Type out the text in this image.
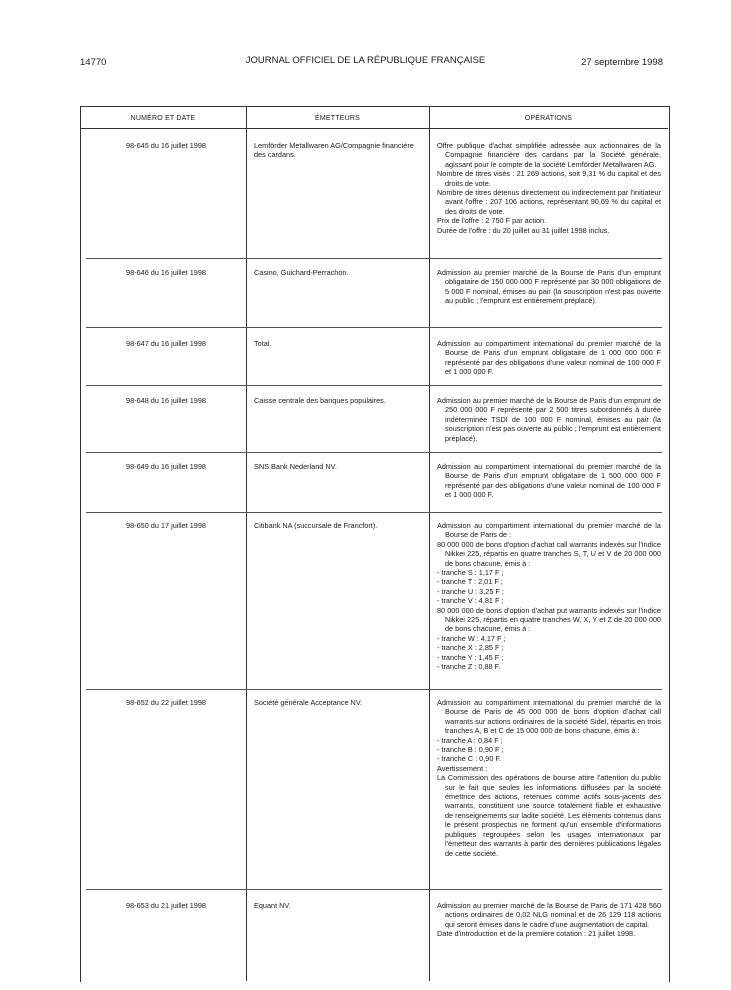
14770	JOURNAL OFFICIEL DE LA RÉPUBLIQUE FRANÇAISE	27 septembre 1998
NUMÉRO ET DATE	ÉMETTEURS	OPÉRATIONS
98-645 du 16 juillet 1998	Lemförder Metallwaren AG/Compagnie financière des cardans.

Offre publique d'achat simplifiée adressée aux actionnaires de la Compagnie financière des cardans par la Société générale, agissant pour le compte de la société Lemförder Metallwaren AG.

Nombre de titres visés : 21 269 actions, soit 9,31 % du capital et des droits de vote.

Nombre de titres détenus directement ou indirectement par l'initiateur avant l'offre : 207 106 actions, représentant 90,69 % du capital et des droits de vote.

Prix de l'offre : 2 750 F par action.

Durée de l'offre : du 20 juillet au 31 juillet 1998 inclus.

98-646 du 16 juillet 1998	Casino, Guichard-Perrachon.	Admission au premier marché de la Bourse de Paris d'un emprunt obligataire de 150 000 000 F représenté par 30 000 obligations de 5 000 F nominal, émises au pair (la souscription n'est pas ouverte au public ; l'emprunt est entièrement préplacé).

98-647 du 16 juillet 1998	Total.	Admission au compartiment international du premier marché de la Bourse de Paris d'un emprunt obligataire de 1 000 000 000 F représenté par des obligations d'une valeur nominal de 100 000 F et 1 000 000 F.

98-648 du 16 juillet 1998	Caisse centrale des banques populaires.	Admission au premier marché de la Bourse de Paris d'un emprunt de 250 000 000 F représenté par 2 500 titres subordonnés à durée indéterminée TSDI de 100 000 F nominal, émises au pair (la souscription n'est pas ouverte au public ; l'emprunt est entièrement préplacé).

98-649 du 16 juillet 1998	SNS Bank Nederland NV.	Admission au compartiment international du premier marché de la Bourse de Paris d'un emprunt obligataire de 1 500 000 000 F représenté par des obligations d'une valeur nominal de 100 000 F et 1 000 000 F.

98-650 du 17 juillet 1998	Citibank NA (succursale de Francfort).	Admission au compartiment international du premier marché de la Bourse de Paris de :

80 000 000 de bons d'option d'achat call warrants indexés sur l'indice Nikkei 225, répartis en quatre tranches S, T, U et V de 20 000 000 de bons chacune, émis à :

- tranche S : 1,17 F ;

- tranche T : 2,01 F ;

- tranche U : 3,25 F ;

- tranche V : 4,81 F ;

80 000 000 de bons d'option d'achat put warrants indexés sur l'indice Nikkei 225, répartis en quatre tranches W, X, Y et Z de 20 000 000 de bons chacune, émis à :

- tranche W : 4,17 F ;

- tranche X : 2,85 F ;

- tranche Y : 1,45 F ;

- tranche Z : 0,88 F.

98-652 du 22 juillet 1998	Société générale Acceptance NV.	Admission au compartiment international du premier marché de la Bourse de Paris de 45 000 000 de bons d'option d'achat call warrants sur actions ordinaires de la société Sidel, répartis en trois tranches A, B et C de 15 000 000 de bons chacune, émis à :

- tranche A : 0,84 F ;

- tranche B : 0,90 F ;

- tranche C : 0,90 F.

Avertissement :

La Commission des opérations de bourse attire l'attention du public sur le fait que seules les informations diffusées par la société émettrice des actions, retenues comme actifs sous-jacents des warrants, constituent une source totalement fiable et exhaustive de renseignements sur ladite société. Les éléments contenus dans le présent prospectus ne forment qu'un ensemble d'informations publiques regroupées selon les usages internationaux par l'émetteur des warrants à partir des dernières publications légales de cette société.

98-653 du 21 juillet 1998	Equant NV.	Admission au premier marché de la Bourse de Paris de 171 428 560 actions ordinaires de 0,02 NLG nominal et de 26 129 118 actions qui seront émises dans le cadre d'une augmentation de capital.

Date d'introduction et de la première cotation : 21 juillet 1998.
